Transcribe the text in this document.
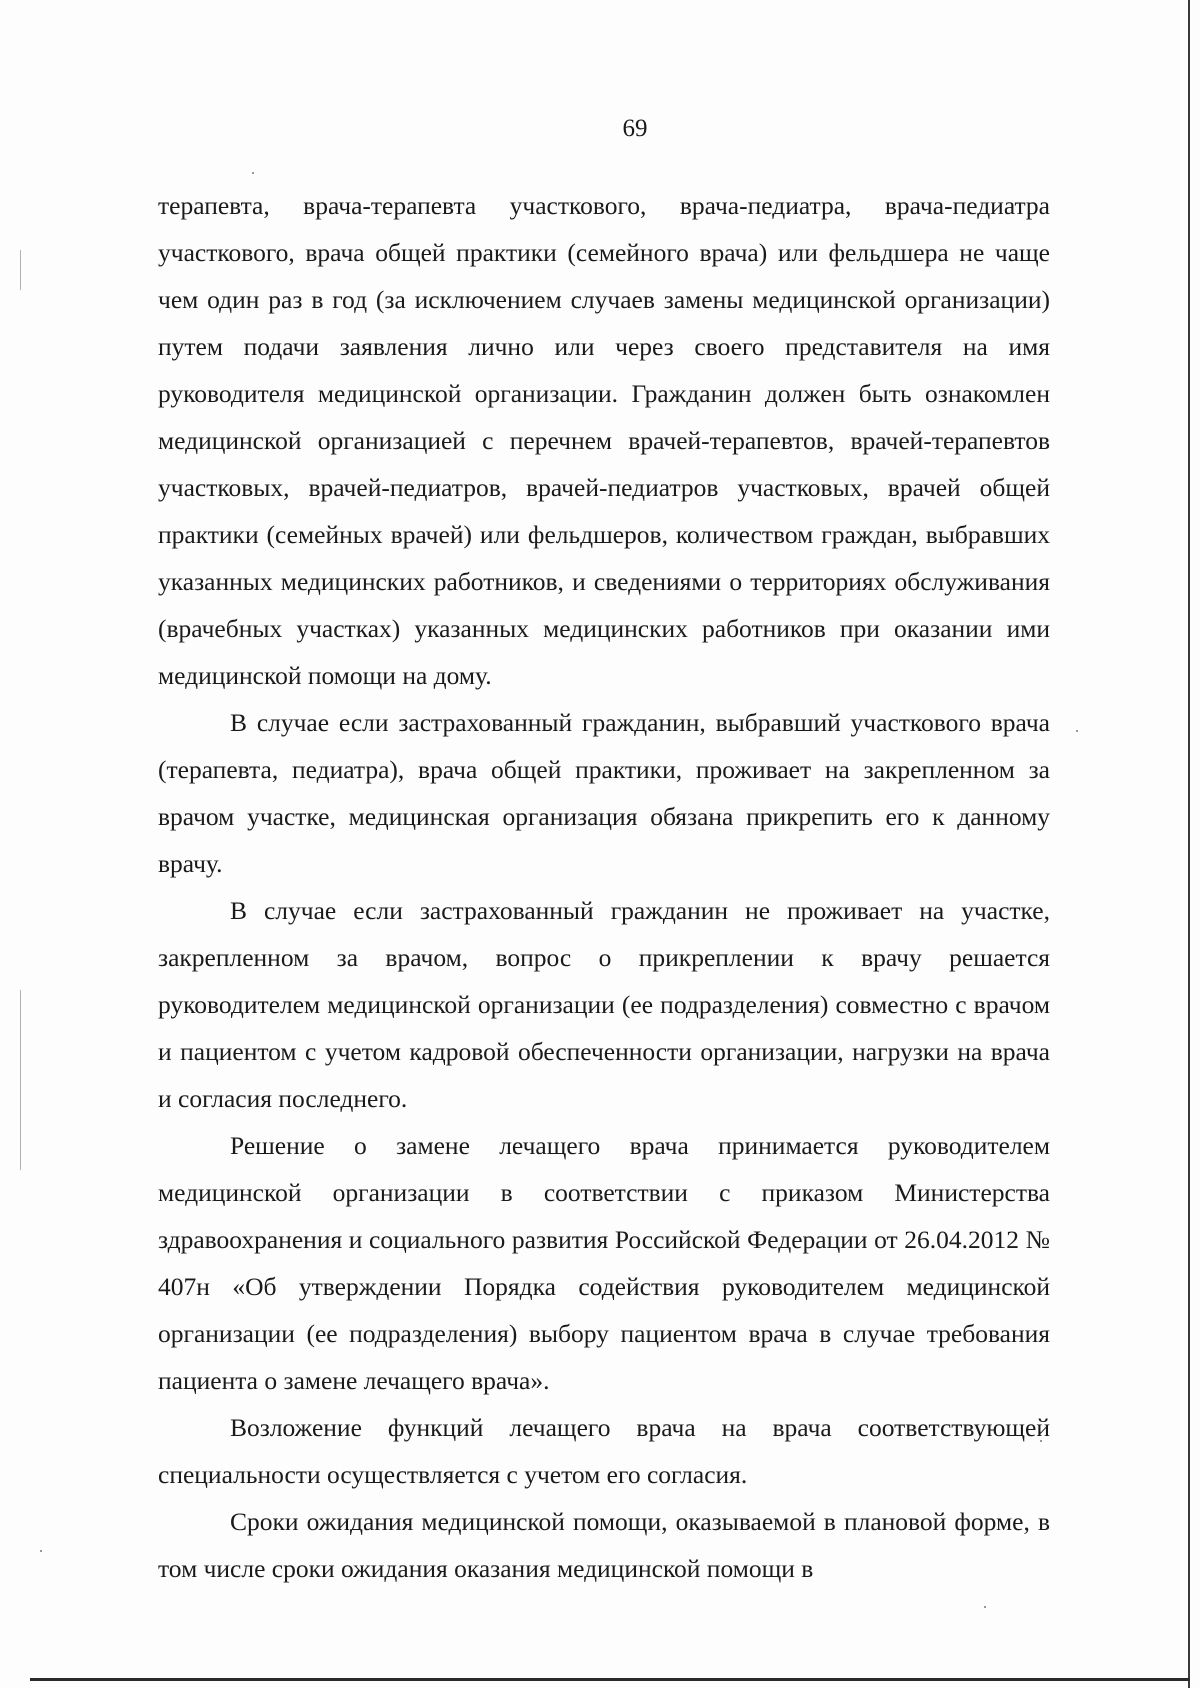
69

терапевта, врача-терапевта участкового, врача-педиатра, врача-педиатра участкового, врача общей практики (семейного врача) или фельдшера не чаще чем один раз в год (за исключением случаев замены медицинской организации) путем подачи заявления лично или через своего представителя на имя руководителя медицинской организации. Гражданин должен быть ознакомлен медицинской организацией с перечнем врачей-терапевтов, врачей-терапевтов участковых, врачей-педиатров, врачей-педиатров участковых, врачей общей практики (семейных врачей) или фельдшеров, количеством граждан, выбравших указанных медицинских работников, и сведениями о территориях обслуживания (врачебных участках) указанных медицинских работников при оказании ими медицинской помощи на дому.

В случае если застрахованный гражданин, выбравший участкового врача (терапевта, педиатра), врача общей практики, проживает на закрепленном за врачом участке, медицинская организация обязана прикрепить его к данному врачу.

В случае если застрахованный гражданин не проживает на участке, закрепленном за врачом, вопрос о прикреплении к врачу решается руководителем медицинской организации (ее подразделения) совместно с врачом и пациентом с учетом кадровой обеспеченности организации, нагрузки на врача и согласия последнего.

Решение о замене лечащего врача принимается руководителем медицинской организации в соответствии с приказом Министерства здравоохранения и социального развития Российской Федерации от 26.04.2012 № 407н «Об утверждении Порядка содействия руководителем медицинской организации (ее подразделения) выбору пациентом врача в случае требования пациента о замене лечащего врача».

Возложение функций лечащего врача на врача соответствующей специальности осуществляется с учетом его согласия.

Сроки ожидания медицинской помощи, оказываемой в плановой форме, в том числе сроки ожидания оказания медицинской помощи в
